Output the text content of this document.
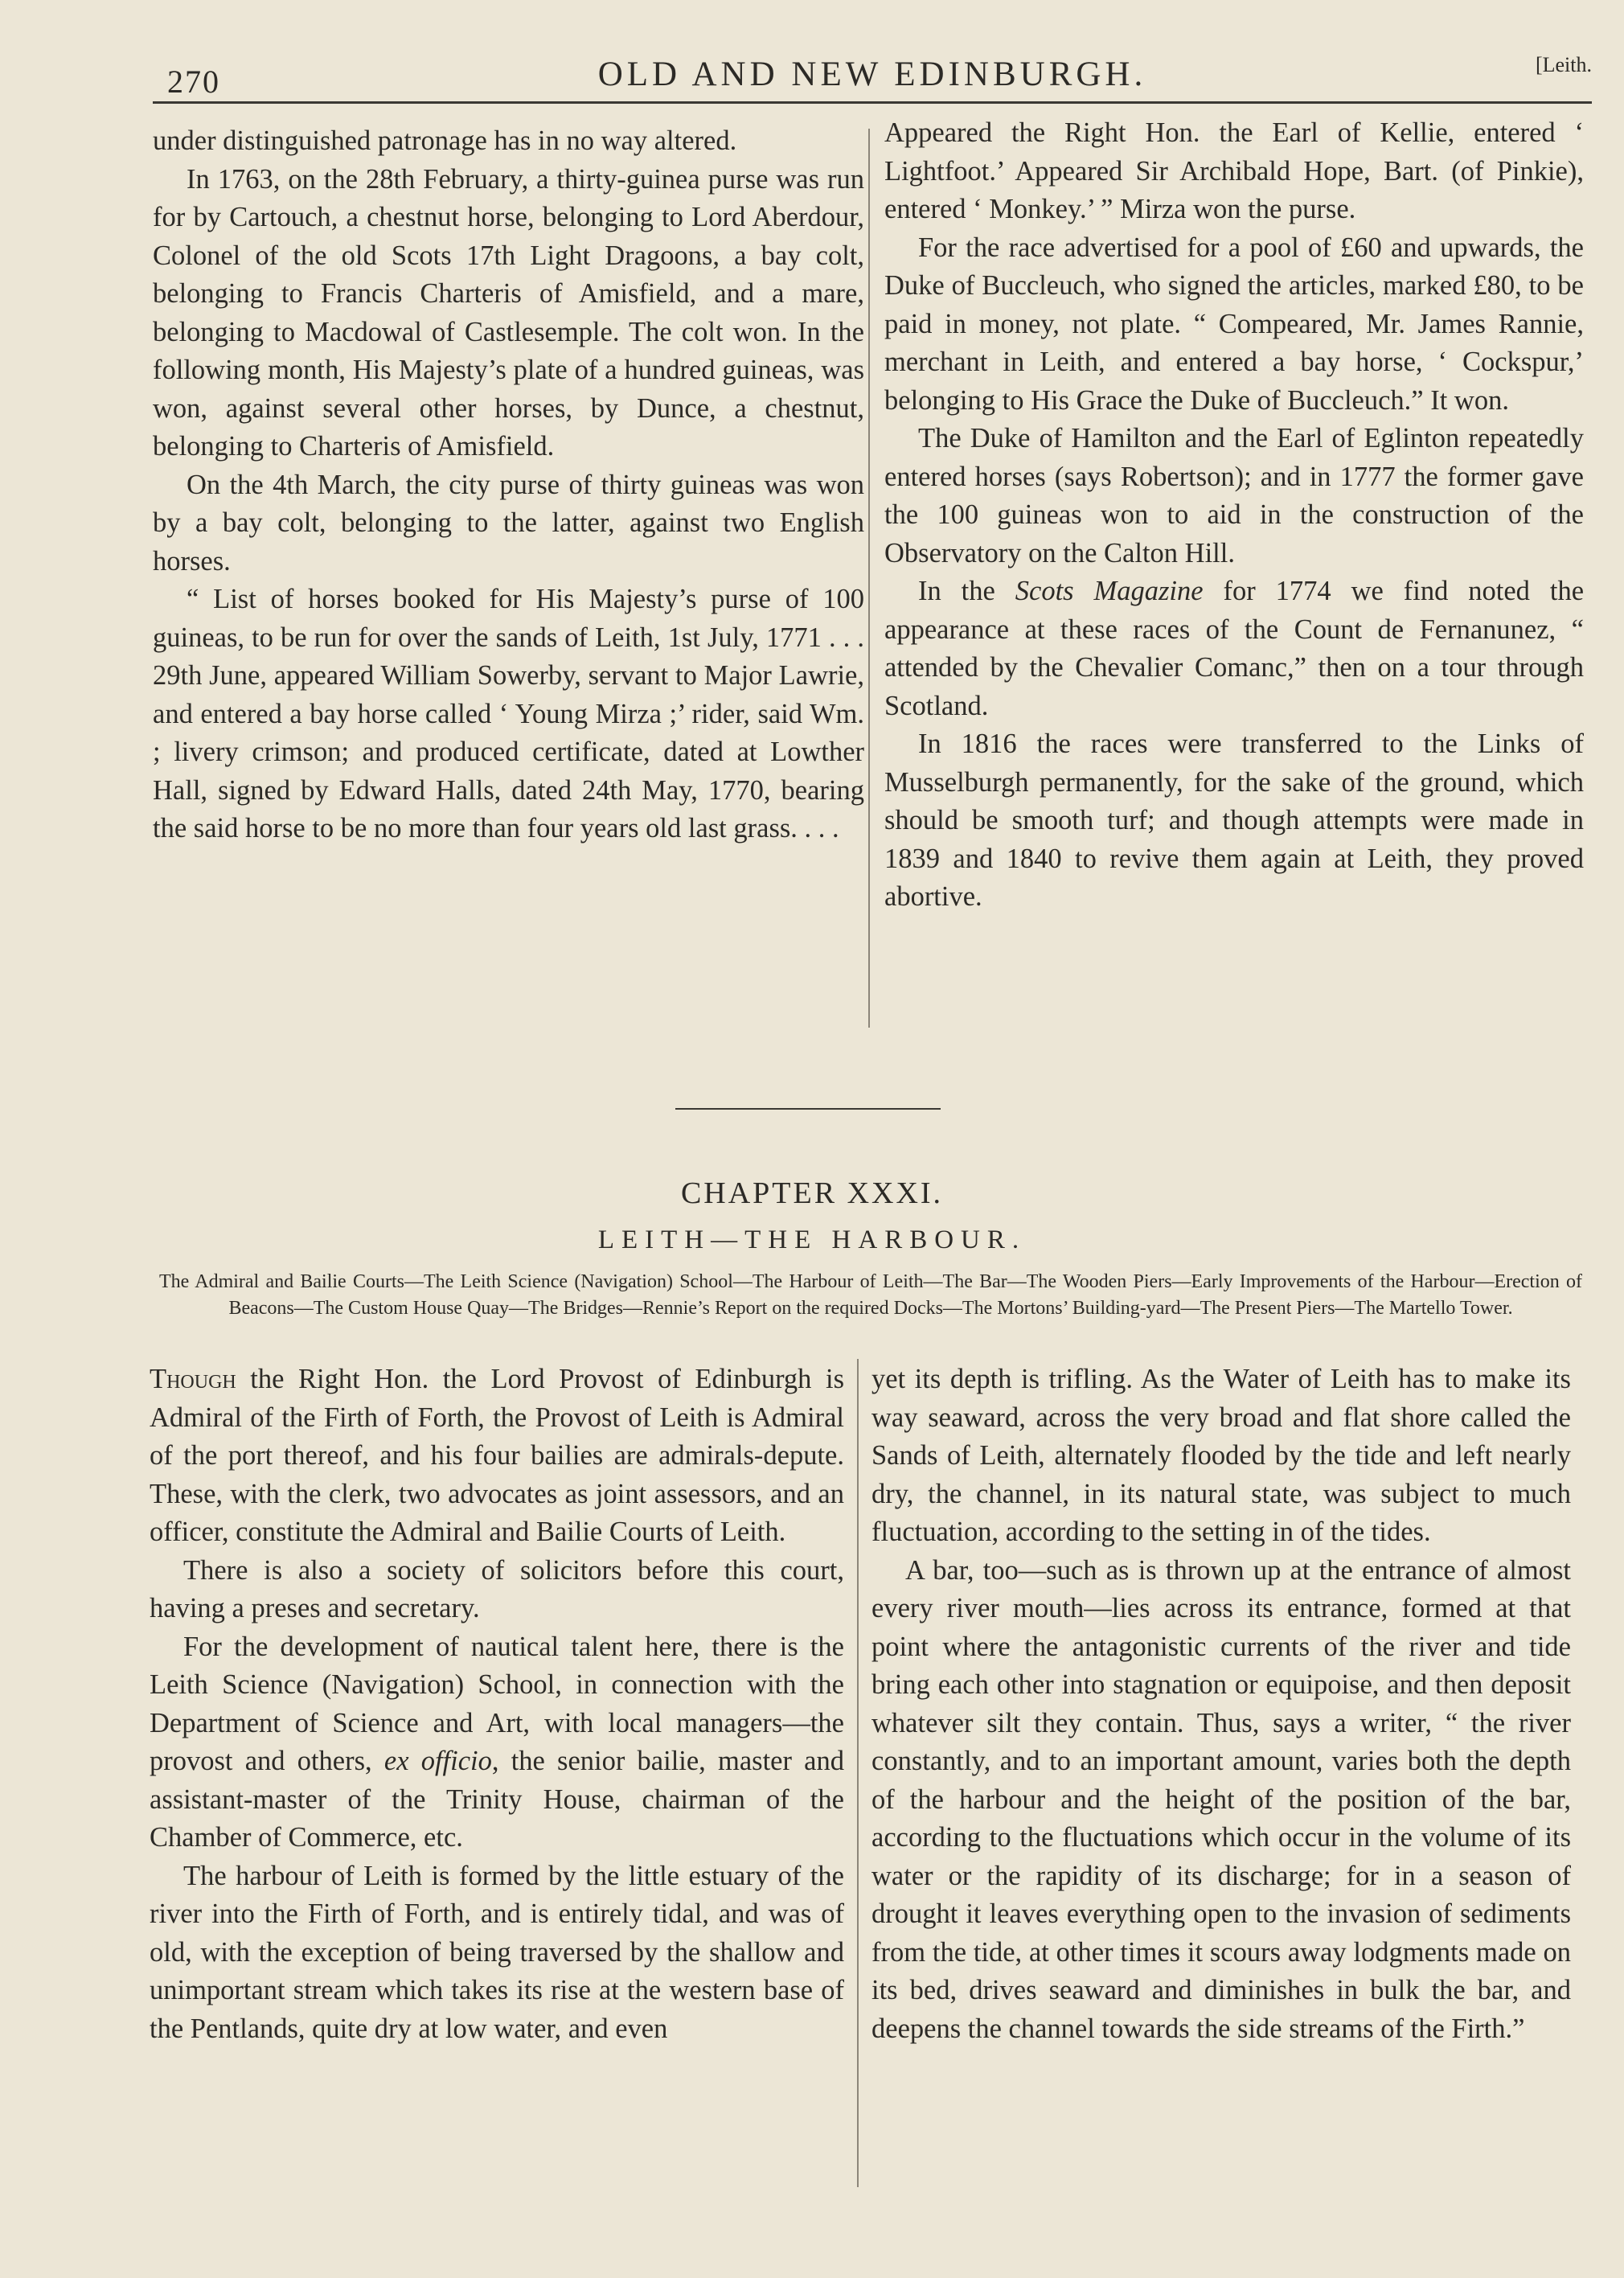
270	OLD AND NEW EDINBURGH.	[Leith.

under distinguished patronage has in no way altered.

In 1763, on the 28th February, a thirty-guinea purse was run for by Cartouch, a chestnut horse, belonging to Lord Aberdour, Colonel of the old Scots 17th Light Dragoons, a bay colt, belonging to Francis Charteris of Amisfield, and a mare, belonging to Macdowal of Castlesemple. The colt won. In the following month, His Majesty’s plate of a hundred guineas, was won, against several other horses, by Dunce, a chestnut, belonging to Charteris of Amisfield.

On the 4th March, the city purse of thirty guineas was won by a bay colt, belonging to the latter, against two English horses.

“ List of horses booked for His Majesty’s purse of 100 guineas, to be run for over the sands of Leith, 1st July, 1771 . . . 29th June, appeared William Sowerby, servant to Major Lawrie, and entered a bay horse called ‘ Young Mirza ;’ rider, said Wm. ; livery crimson; and produced certificate, dated at Lowther Hall, signed by Edward Halls, dated 24th May, 1770, bearing the said horse to be no more than four years old last grass. . . .

Appeared the Right Hon. the Earl of Kellie, entered ‘ Lightfoot.’ Appeared Sir Archibald Hope, Bart. (of Pinkie), entered ‘ Monkey.’ ” Mirza won the purse.

For the race advertised for a pool of £60 and upwards, the Duke of Buccleuch, who signed the articles, marked £80, to be paid in money, not plate. “ Compeared, Mr. James Rannie, merchant in Leith, and entered a bay horse, ‘ Cockspur,’ belonging to His Grace the Duke of Buccleuch.” It won.

The Duke of Hamilton and the Earl of Eglinton repeatedly entered horses (says Robertson); and in 1777 the former gave the 100 guineas won to aid in the construction of the Observatory on the Calton Hill.

In the Scots Magazine for 1774 we find noted the appearance at these races of the Count de Fernanunez, “ attended by the Chevalier Comanc,” then on a tour through Scotland.

In 1816 the races were transferred to the Links of Musselburgh permanently, for the sake of the ground, which should be smooth turf; and though attempts were made in 1839 and 1840 to revive them again at Leith, they proved abortive.

CHAPTER XXXI.
LEITH—THE HARBOUR.
The Admiral and Bailie Courts—The Leith Science (Navigation) School—The Harbour of Leith—The Bar—The Wooden Piers—Early Improvements of the Harbour—Erection of Beacons—The Custom House Quay—The Bridges—Rennie’s Report on the required Docks—The Mortons’ Building-yard—The Present Piers—The Martello Tower.

Though the Right Hon. the Lord Provost of Edinburgh is Admiral of the Firth of Forth, the Provost of Leith is Admiral of the port thereof, and his four bailies are admirals-depute. These, with the clerk, two advocates as joint assessors, and an officer, constitute the Admiral and Bailie Courts of Leith.

There is also a society of solicitors before this court, having a preses and secretary.

For the development of nautical talent here, there is the Leith Science (Navigation) School, in connection with the Department of Science and Art, with local managers—the provost and others, ex officio, the senior bailie, master and assistant-master of the Trinity House, chairman of the Chamber of Commerce, etc.

The harbour of Leith is formed by the little estuary of the river into the Firth of Forth, and is entirely tidal, and was of old, with the exception of being traversed by the shallow and unimportant stream which takes its rise at the western base of the Pentlands, quite dry at low water, and even

yet its depth is trifling. As the Water of Leith has to make its way seaward, across the very broad and flat shore called the Sands of Leith, alternately flooded by the tide and left nearly dry, the channel, in its natural state, was subject to much fluctuation, according to the setting in of the tides.

A bar, too—such as is thrown up at the entrance of almost every river mouth—lies across its entrance, formed at that point where the antagonistic currents of the river and tide bring each other into stagnation or equipoise, and then deposit whatever silt they contain. Thus, says a writer, “ the river constantly, and to an important amount, varies both the depth of the harbour and the height of the position of the bar, according to the fluctuations which occur in the volume of its water or the rapidity of its discharge; for in a season of drought it leaves everything open to the invasion of sediments from the tide, at other times it scours away lodgments made on its bed, drives seaward and diminishes in bulk the bar, and deepens the channel towards the side streams of the Firth.”
